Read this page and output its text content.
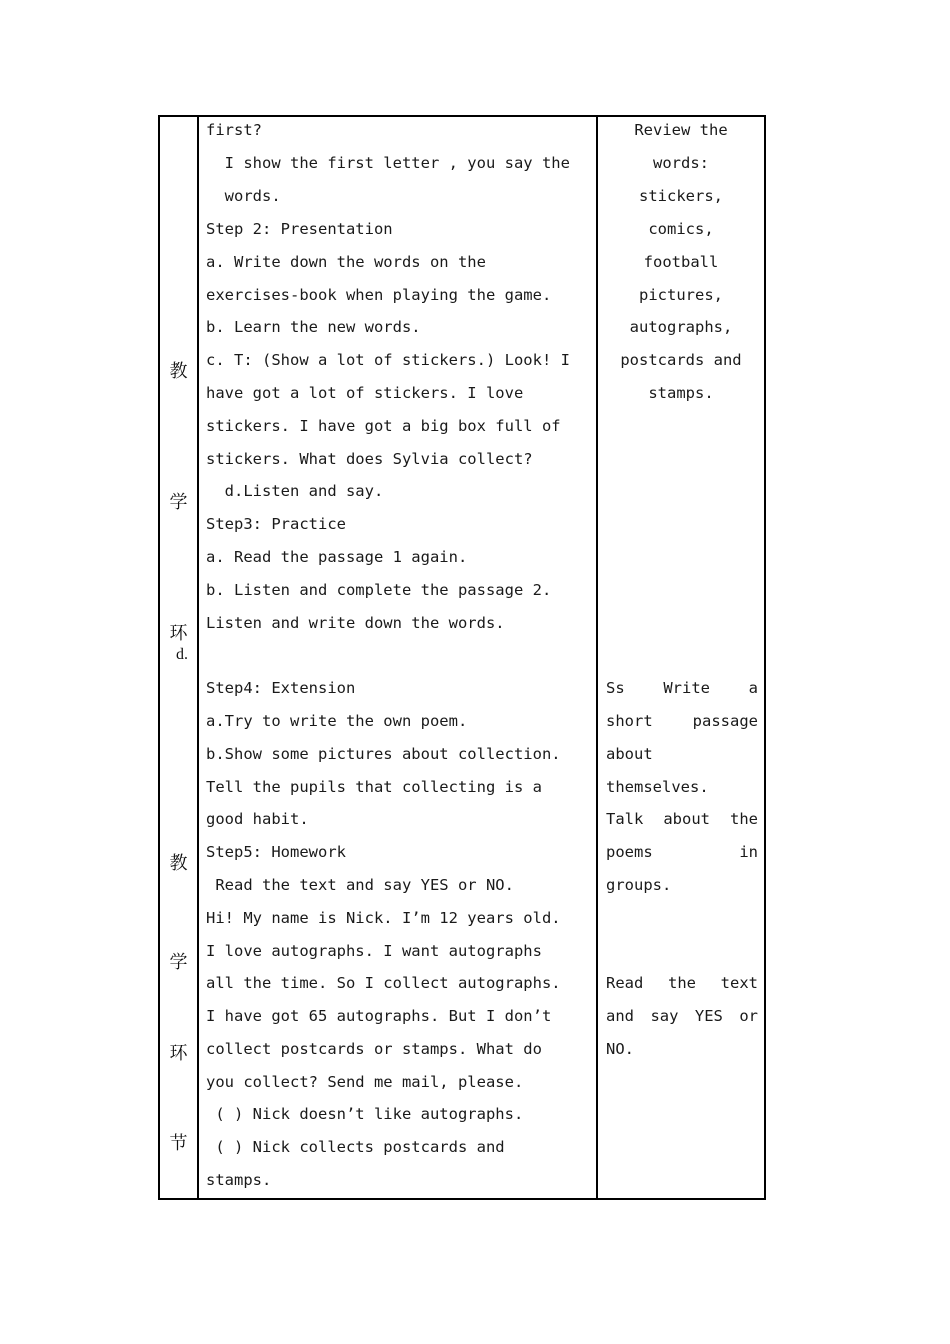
教
学
环
d.
教
学
环
节
first?
I show the first letter , you say the
words.
Step 2: Presentation
a. Write down the words on the
exercises-book when playing the game.
b. Learn the new words.
c. T: (Show a lot of stickers.) Look! I
have got a lot of stickers. I love
stickers. I have got a big box full of
stickers. What does Sylvia collect?
d.Listen and say.
Step3: Practice
a. Read the passage 1 again.
b. Listen and complete the passage 2.
Listen and write down the words.
Step4: Extension
a.Try to write the own poem.
b.Show some pictures about collection.
Tell the pupils that collecting is a
good habit.
Step5: Homework
Read the text and say YES or NO.
Hi! My name is Nick. I’m 12 years old.
I love autographs. I want autographs
all the time. So I collect autographs.
I have got 65 autographs. But I don’t
collect postcards or stamps. What do
you collect? Send me mail, please.
( ) Nick doesn’t like autographs.
( ) Nick collects postcards and
stamps.
Review the
words:
stickers,
comics,
football
pictures,
autographs,
postcards and
stamps.
Ss Write a
short	passage
about
themselves.
Talk about the
poems	in
groups.
Read the text
and say YES or
NO.
